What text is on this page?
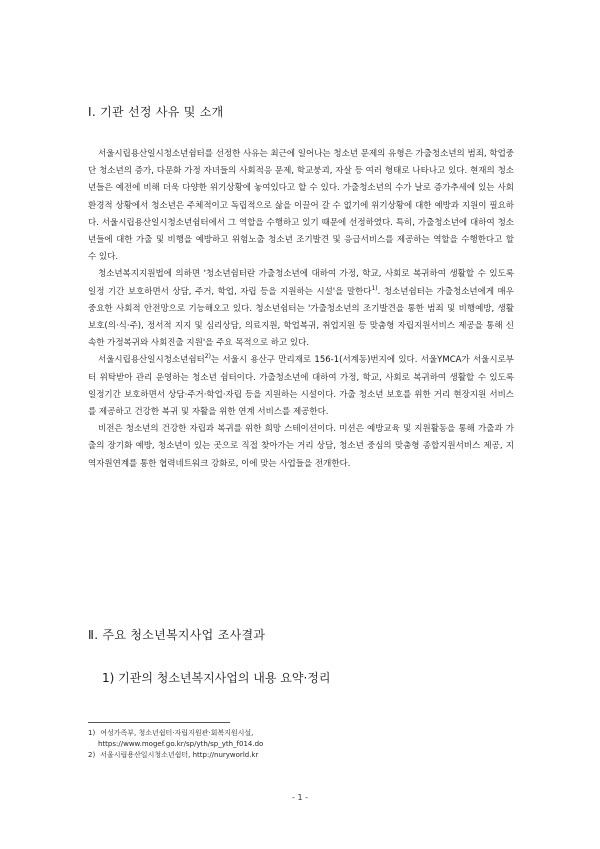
Ⅰ. 기관 선정 사유 및 소개

서울시립용산일시청소년쉼터를 선정한 사유는 최근에 일어나는 청소년 문제의 유형은 가출청소년의 범죄, 학업중단 청소년의 증가, 다문화 가정 자녀들의 사회적응 문제, 학교붕괴, 자살 등 여러 형태로 나타나고 있다. 현재의 청소년들은 예전에 비해 더욱 다양한 위기상황에 놓여있다고 할 수 있다. 가출청소년의 수가 날로 증가추세에 있는 사회 환경적 상황에서 청소년은 주체적이고 독립적으로 삶을 이끌어 갈 수 없기에 위기상황에 대한 예방과 지원이 필요하다. 서울시립용산일시청소년쉼터에서 그 역할을 수행하고 있기 때문에 선정하였다. 특히, 가출청소년에 대하여 청소년들에 대한 가출 및 비행을 예방하고 위험노출 청소년 조기발견 및 응급서비스를 제공하는 역할을 수행한다고 할 수 있다.

청소년복지지원법에 의하면 '청소년쉼터란 가출청소년에 대하여 가정, 학교, 사회로 복귀하여 생활할 수 있도록 일정 기간 보호하면서 상담, 주거, 학업, 자립 등을 지원하는 시설'을 말한다$^{1)}$. 청소년쉼터는 가출청소년에게 매우 중요한 사회적 안전망으로 기능해오고 있다. 청소년쉼터는 '가출청소년의 조기발견을 통한 범죄 및 비행예방, 생활보호(의·식·주), 정서적 지지 및 심리상담, 의료지원, 학업복귀, 취업지원 등 맞춤형 자립지원서비스 제공을 통해 신속한 가정복귀와 사회진출 지원'을 주요 목적으로 하고 있다.

서울시립용산일시청소년쉼터$^{2)}$는 서울시 용산구 만리재로 156-1(서계동)번지에 있다. 서울YMCA가 서울시로부터 위탁받아 관리 운영하는 청소년 쉼터이다. 가출청소년에 대하여 가정, 학교, 사회로 복귀하여 생활할 수 있도록 일정기간 보호하면서 상담·주거·학업·자립 등을 지원하는 시설이다. 가출 청소년 보호를 위한 거리 현장지원 서비스를 제공하고 건강한 복귀 및 자활을 위한 연계 서비스를 제공한다.

비전은 청소년의 건강한 자립과 복귀를 위한 희망 스테이션이다. 미션은 예방교육 및 지원활동을 통해 가출과 가출의 장기화 예방, 청소년이 있는 곳으로 직접 찾아가는 거리 상담, 청소년 중심의 맞춤형 종합지원서비스 제공, 지역자원연계를 통한 협력네트워크 강화로, 이에 맞는 사업들을 전개한다.

Ⅱ. 주요 청소년복지사업 조사결과
1) 기관의 청소년복지사업의 내용 요약·정리
1) 여성가족부, 청소년쉼터·자립지원관·회복지원시설,
https://www.mogef.go.kr/sp/yth/sp_yth_f014.do
2) 서울시립용산일시청소년쉼터, http://nuryworld.kr
- 1 -
